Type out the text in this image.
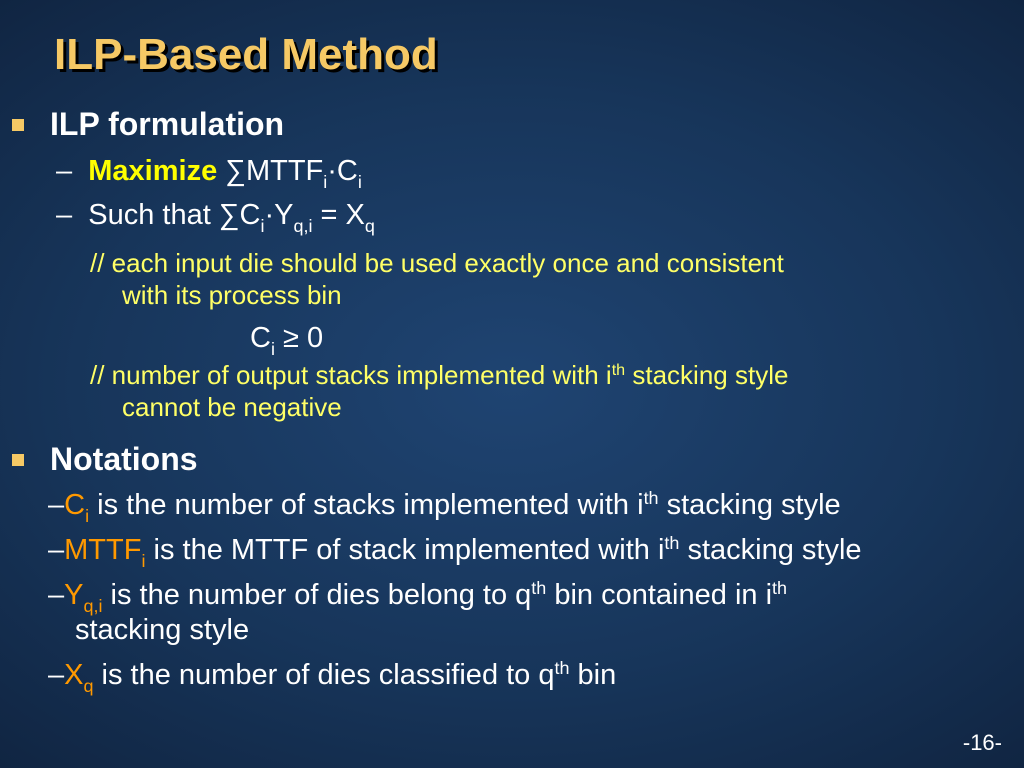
ILP-Based Method
ILP formulation
– Maximize $\sum MTTF_i\cdot C_i$
– Such that $\sum C_i\cdot Y_{q,i} = X_q$
// each input die should be used exactly once and consistent
with its process bin
$C_i \ge 0$
// number of output stacks implemented with $i^{th}$ stacking style
cannot be negative
Notations
$-C_i$ is the number of stacks implemented with $i^{th}$ stacking style
$-MTTF_i$ is the MTTF of stack implemented with $i^{th}$ stacking style
$-Y_{q,i}$ is the number of dies belong to $q^{th}$ bin contained in $i^{th}$
stacking style
$-X_q$ is the number of dies classified to $q^{th}$ bin
-16-
